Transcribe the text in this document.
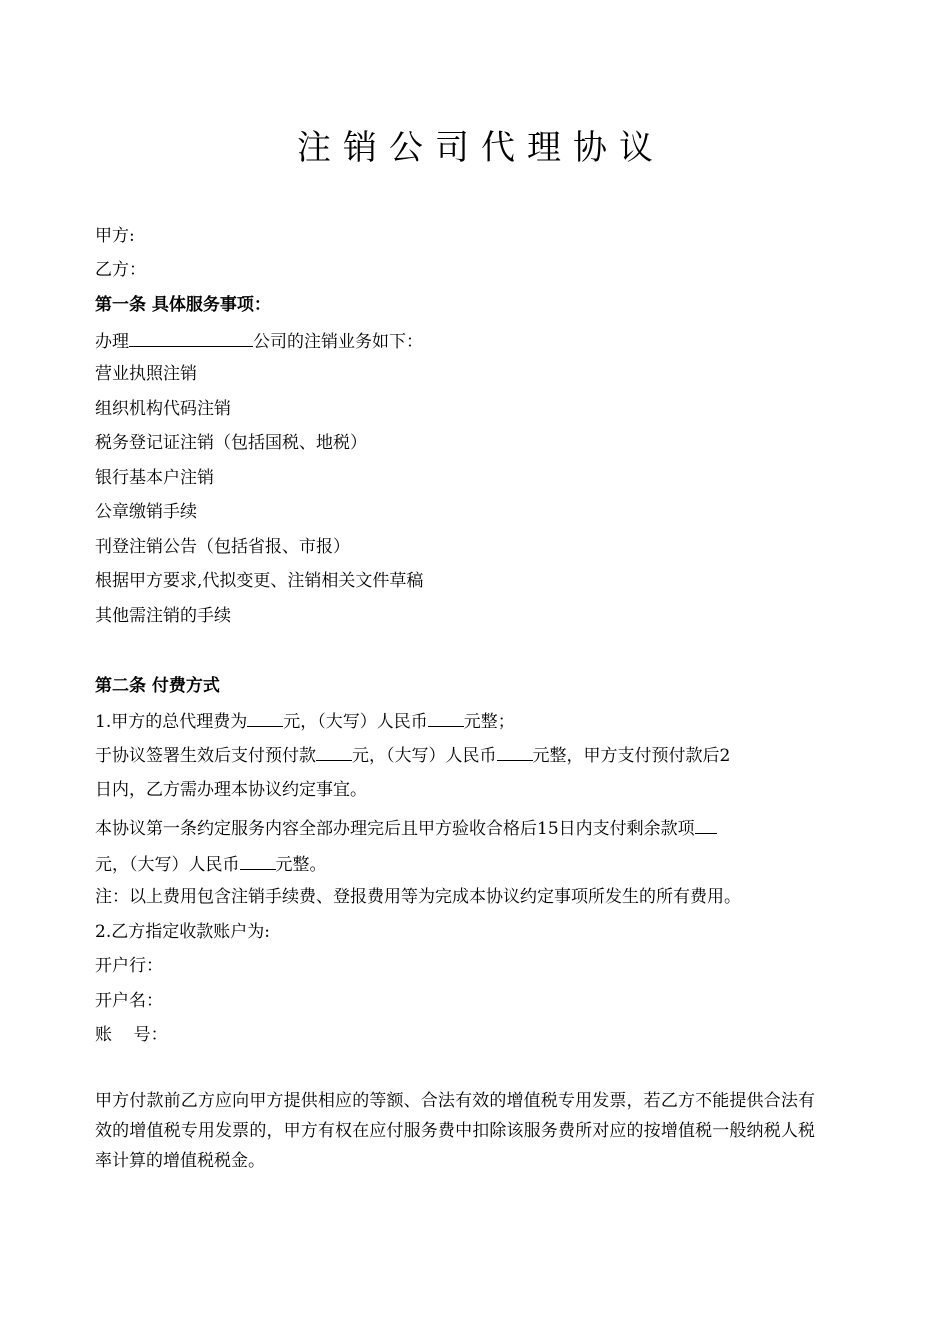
注销公司代理协议
甲方:
乙方：
第一条 具体服务事项：
办理	公司的注销业务如下：
营业执照注销
组织机构代码注销
税务登记证注销（包括国税、地税）
银行基本户注销
公章缴销手续
刊登注销公告（包括省报、市报）
根据甲方要求,代拟变更、注销相关文件草稿
其他需注销的手续
第二条 付费方式
1.甲方的总代理费为 元，（大写）人民币 元整；
于协议签署生效后支付预付款 元，（大写）人民币 元整，甲方支付预付款后2
日内，乙方需办理本协议约定事宜。
本协议第一条约定服务内容全部办理完后且甲方验收合格后15日内支付剩余款项
元，（大写）人民币 元整。
注：以上费用包含注销手续费、登报费用等为完成本协议约定事项所发生的所有费用。
2.乙方指定收款账户为:
开户行：
开户名：
账    号：
甲方付款前乙方应向甲方提供相应的等额、合法有效的增值税专用发票，若乙方不能提供合法有效的增值税专用发票的，甲方有权在应付服务费中扣除该服务费所对应的按增值税一般纳税人税率计算的增值税税金。
